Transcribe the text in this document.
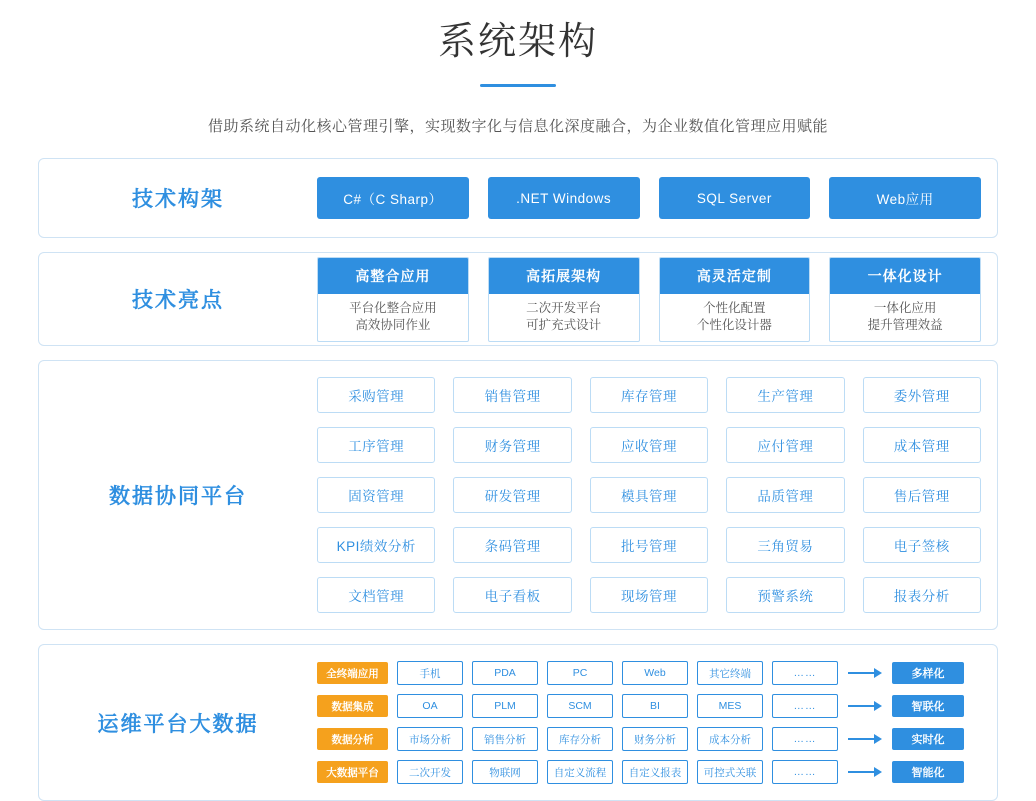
系统架构
借助系统自动化核心管理引擎，实现数字化与信息化深度融合，为企业数值化管理应用赋能
技术构架	C#（C Sharp）	.NET Windows	SQL Server	Web应用
技术亮点
高整合应用
平台化整合应用
高效协同作业
高拓展架构
二次开发平台
可扩充式设计
高灵活定制
个性化配置
个性化设计器
一体化设计
一体化应用
提升管理效益
数据协同平台
采购管理	销售管理	库存管理	生产管理	委外管理
工序管理	财务管理	应收管理	应付管理	成本管理
固资管理	研发管理	模具管理	品质管理	售后管理
KPI绩效分析	条码管理	批号管理	三角贸易	电子签核
文档管理	电子看板	现场管理	预警系统	报表分析
运维平台大数据
全终端应用	手机	PDA	PC	Web	其它终端	……	多样化
数据集成	OA	PLM	SCM	BI	MES	……	智联化
数据分析	市场分析	销售分析	库存分析	财务分析	成本分析	……	实时化
大数据平台	二次开发	物联网	自定义流程	自定义报表	可控式关联	……	智能化
